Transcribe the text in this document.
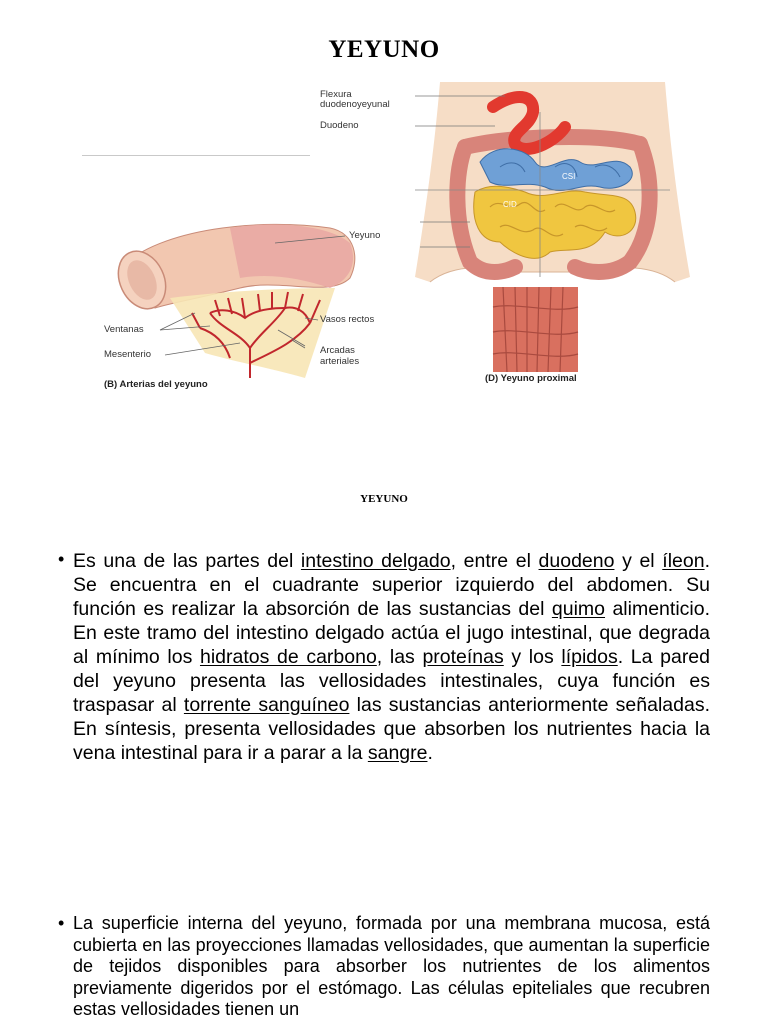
YEYUNO
Yeyuno
Ventanas
Vasos rectos
Mesenterio	Arcadas
arteriales
(B) Arterias del yeyuno
Flexura
duodenoyeyunal
Duodeno
CSI
CID
(D) Yeyuno proximal
YEYUNO
• Es una de las partes del intestino delgado, entre el duodeno y el íleon. Se encuentra en el cuadrante superior izquierdo del abdomen. Su función es realizar la absorción de las sustancias del quimo alimenticio. En este tramo del intestino delgado actúa el jugo intestinal, que degrada al mínimo los hidratos de carbono, las proteínas y los lípidos. La pared del yeyuno presenta las vellosidades intestinales, cuya función es traspasar al torrente sanguíneo las sustancias anteriormente señaladas. En síntesis, presenta vellosidades que absorben los nutrientes hacia la vena intestinal para ir a parar a la sangre.
• La superficie interna del yeyuno, formada por una membrana mucosa, está cubierta en las proyecciones llamadas vellosidades, que aumentan la superficie de tejidos disponibles para absorber los nutrientes de los alimentos previamente digeridos por el estómago. Las células epiteliales que recubren estas vellosidades tienen un
